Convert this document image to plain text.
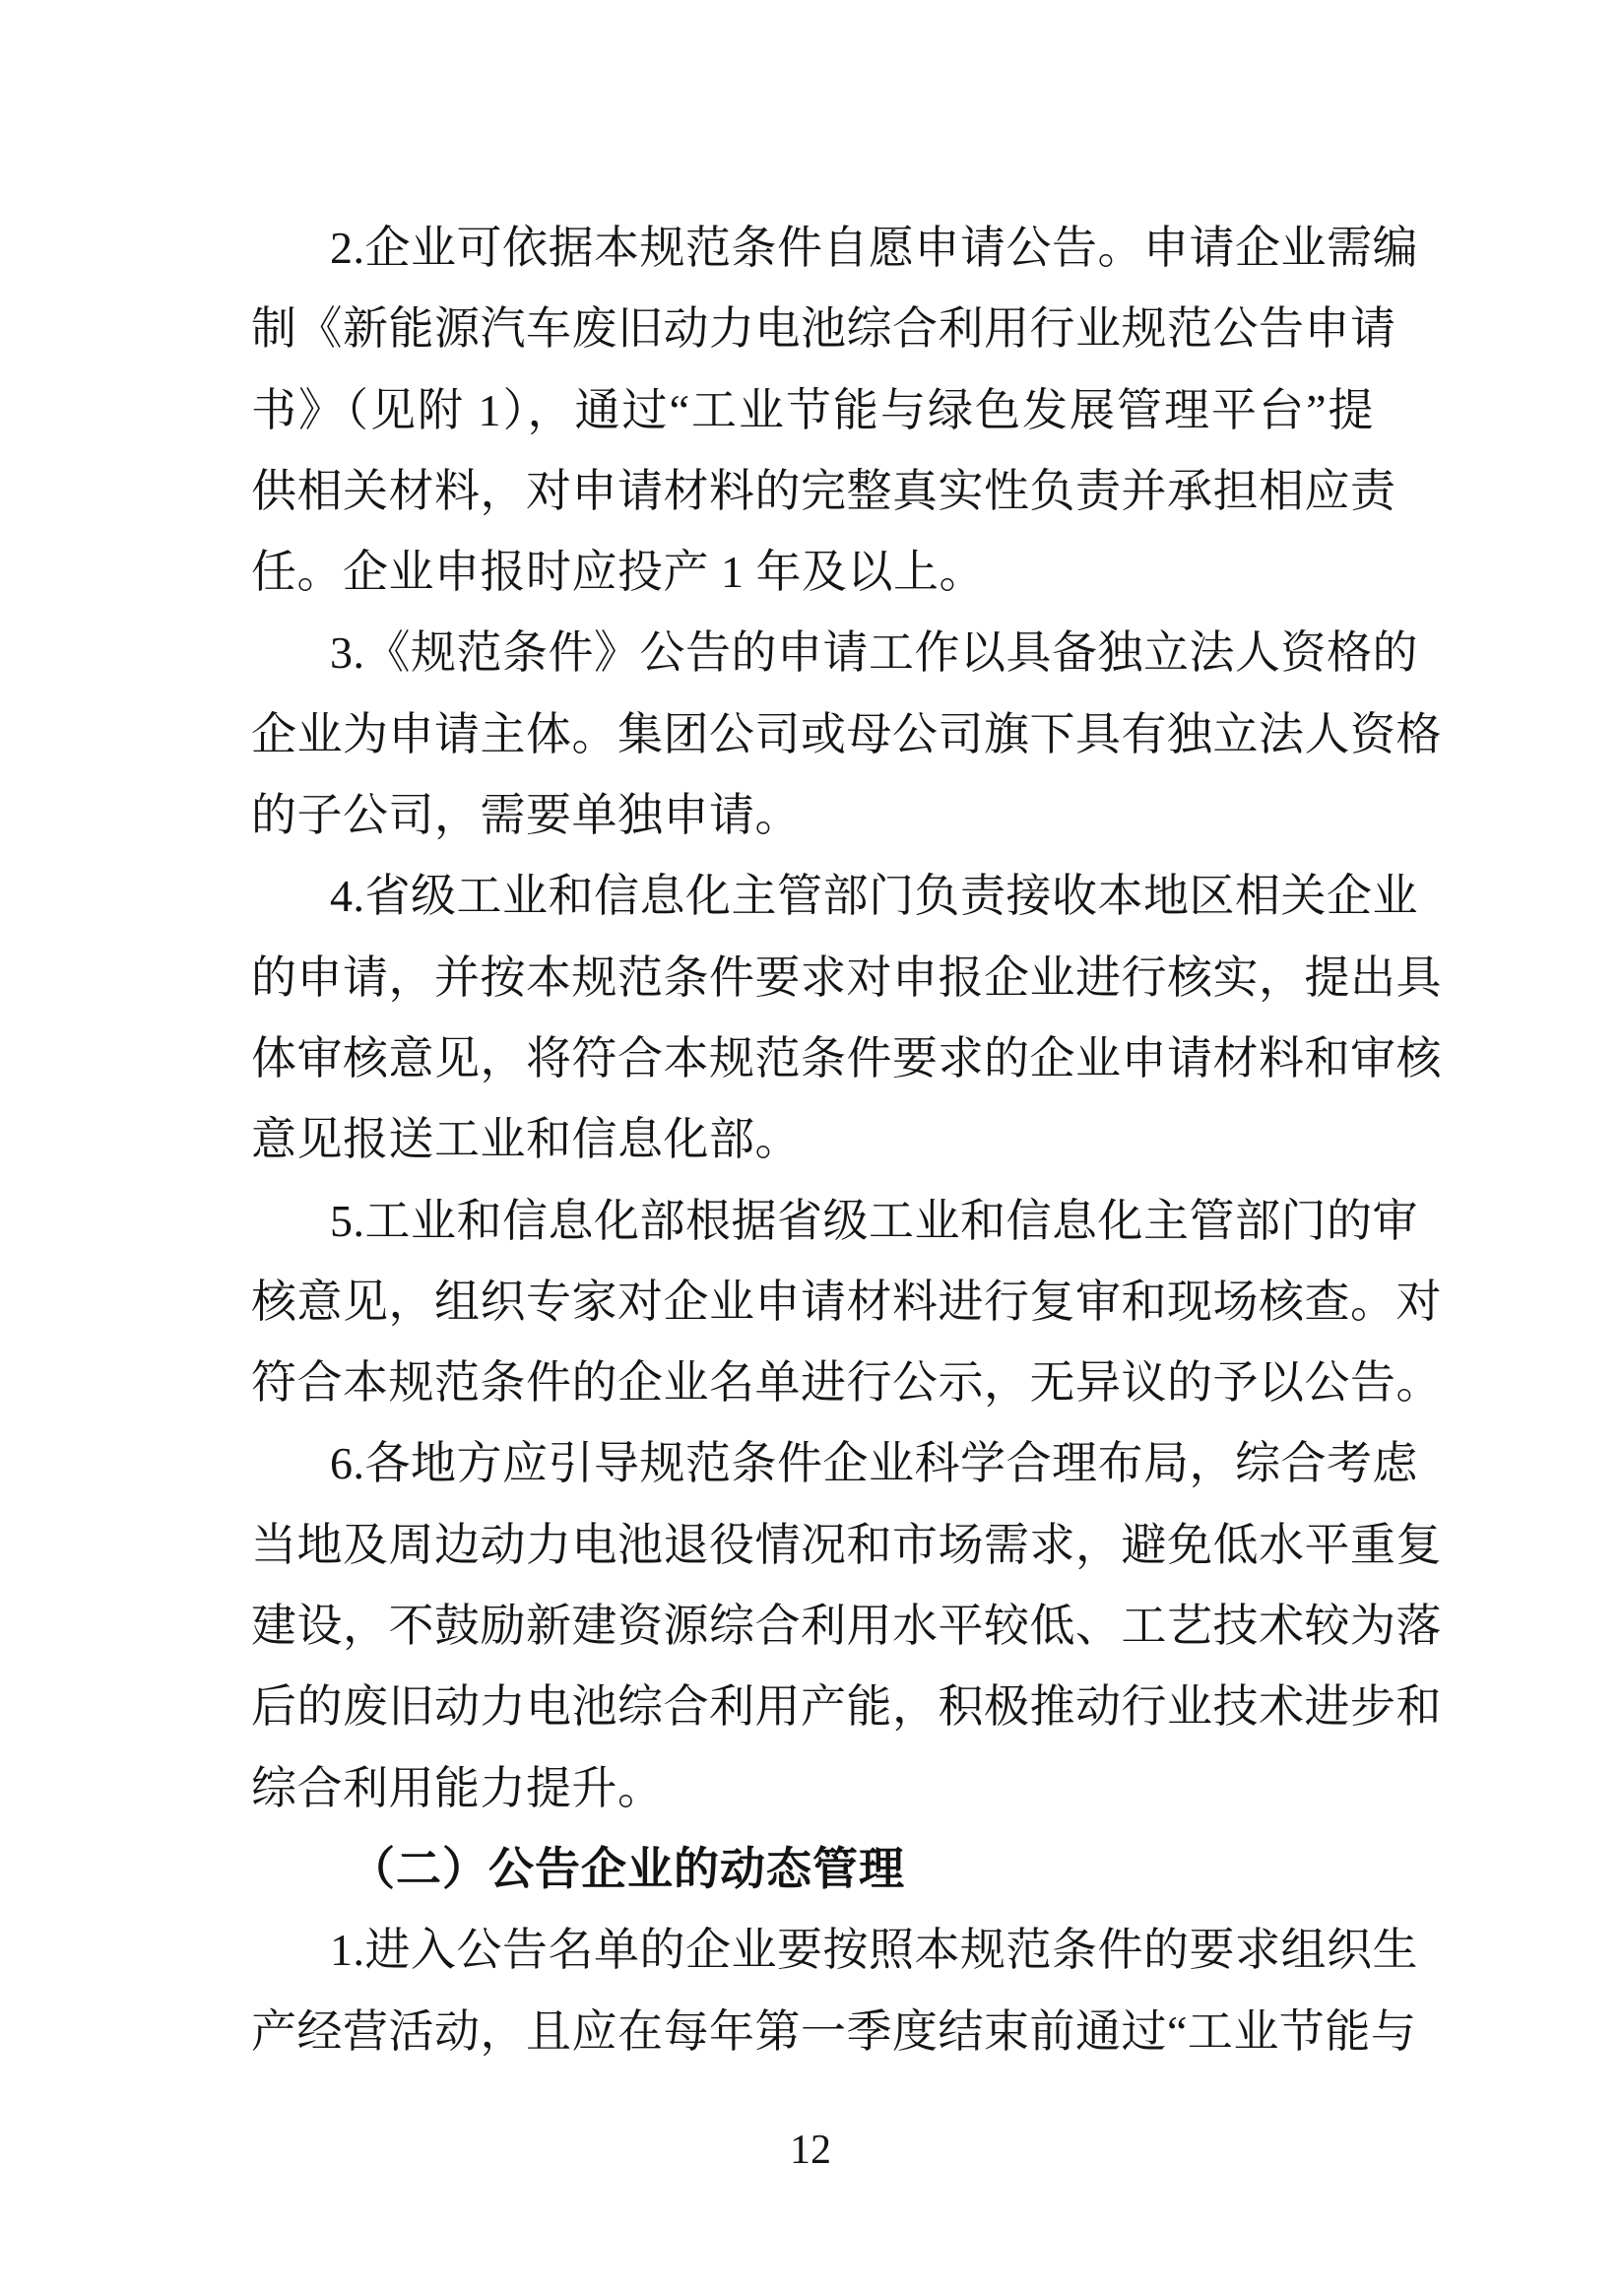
2.企业可依据本规范条件自愿申请公告。申请企业需编
制《新能源汽车废旧动力电池综合利用行业规范公告申请
书》（见附 1），通过“工业节能与绿色发展管理平台”提
供相关材料，对申请材料的完整真实性负责并承担相应责
任。企业申报时应投产 1 年及以上。
3.《规范条件》公告的申请工作以具备独立法人资格的
企业为申请主体。集团公司或母公司旗下具有独立法人资格
的子公司，需要单独申请。
4.省级工业和信息化主管部门负责接收本地区相关企业
的申请，并按本规范条件要求对申报企业进行核实，提出具
体审核意见，将符合本规范条件要求的企业申请材料和审核
意见报送工业和信息化部。
5.工业和信息化部根据省级工业和信息化主管部门的审
核意见，组织专家对企业申请材料进行复审和现场核查。对
符合本规范条件的企业名单进行公示，无异议的予以公告。
6.各地方应引导规范条件企业科学合理布局，综合考虑
当地及周边动力电池退役情况和市场需求，避免低水平重复
建设，不鼓励新建资源综合利用水平较低、工艺技术较为落
后的废旧动力电池综合利用产能，积极推动行业技术进步和
综合利用能力提升。
（二）公告企业的动态管理
1.进入公告名单的企业要按照本规范条件的要求组织生
产经营活动，且应在每年第一季度结束前通过“工业节能与
12
